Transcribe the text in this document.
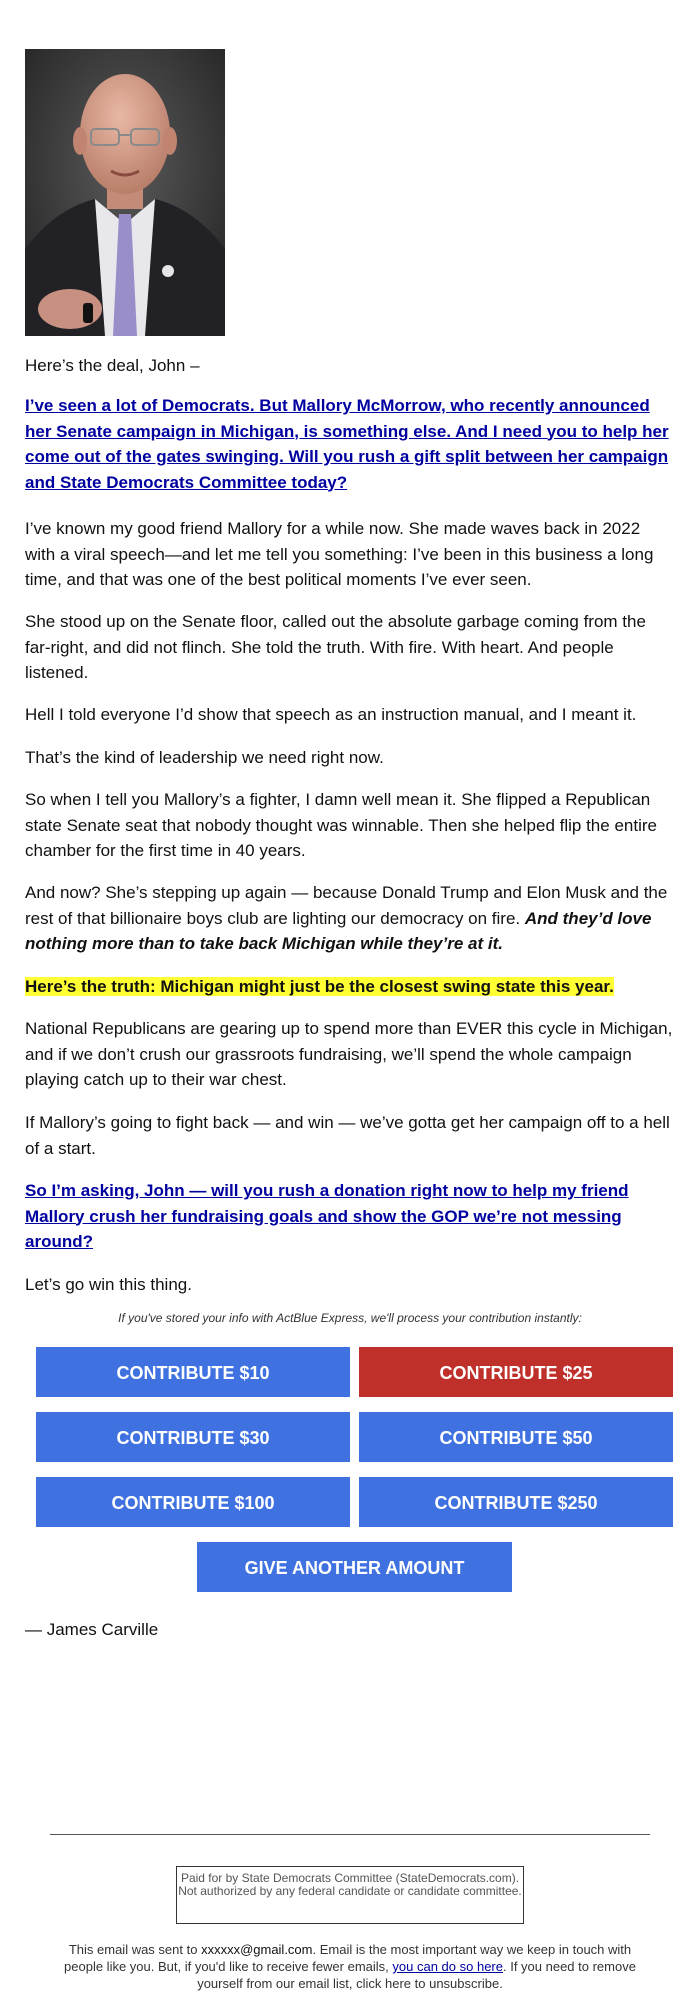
Here’s the deal, John –

I’ve seen a lot of Democrats. But Mallory McMorrow, who recently announced her Senate campaign in Michigan, is something else. And I need you to help her come out of the gates swinging. Will you rush a gift split between her campaign and State Democrats Committee today?

I’ve known my good friend Mallory for a while now. She made waves back in 2022 with a viral speech—and let me tell you something: I’ve been in this business a long time, and that was one of the best political moments I’ve ever seen.

She stood up on the Senate floor, called out the absolute garbage coming from the far-right, and did not flinch. She told the truth. With fire. With heart. And people listened.

Hell I told everyone I’d show that speech as an instruction manual, and I meant it.

That’s the kind of leadership we need right now.

So when I tell you Mallory’s a fighter, I damn well mean it. She flipped a Republican state Senate seat that nobody thought was winnable. Then she helped flip the entire chamber for the first time in 40 years.

And now? She’s stepping up again — because Donald Trump and Elon Musk and the rest of that billionaire boys club are lighting our democracy on fire. And they’d love nothing more than to take back Michigan while they’re at it.

Here’s the truth: Michigan might just be the closest swing state this year.

National Republicans are gearing up to spend more than EVER this cycle in Michigan, and if we don’t crush our grassroots fundraising, we’ll spend the whole campaign playing catch up to their war chest.

If Mallory’s going to fight back — and win — we’ve gotta get her campaign off to a hell of a start.

So I’m asking, John — will you rush a donation right now to help my friend Mallory crush her fundraising goals and show the GOP we’re not messing around?

Let’s go win this thing.

If you've stored your info with ActBlue Express, we'll process your contribution instantly:
CONTRIBUTE $10	CONTRIBUTE $25
CONTRIBUTE $30	CONTRIBUTE $50
CONTRIBUTE $100	CONTRIBUTE $250
GIVE ANOTHER AMOUNT

— James Carville

Paid for by State Democrats Committee (StateDemocrats.com). Not authorized by any federal candidate or candidate committee.
This email was sent to xxxxxx@gmail.com. Email is the most important way we keep in touch with people like you. But, if you'd like to receive fewer emails, you can do so here. If you need to remove yourself from our email list, click here to unsubscribe.
